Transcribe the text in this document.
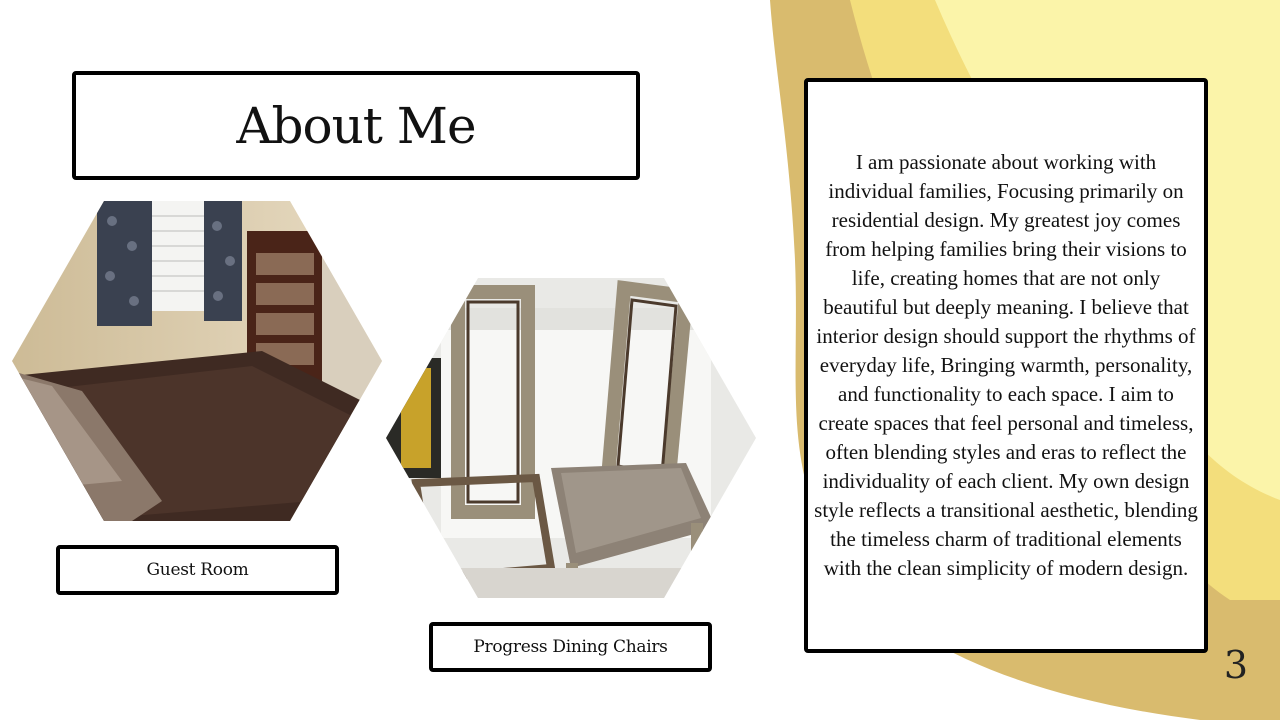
About Me
Guest Room
Progress Dining Chairs

I am passionate about working with individual families, Focusing primarily on residential design. My greatest joy comes from helping families bring their visions to life, creating homes that are not only beautiful but deeply meaning. I believe that interior design should support the rhythms of everyday life, Bringing warmth, personality, and functionality to each space. I aim to create spaces that feel personal and timeless, often blending styles and eras to reflect the individuality of each client. My own design style reflects a transitional aesthetic, blending the timeless charm of traditional elements with the clean simplicity of modern design.

3
